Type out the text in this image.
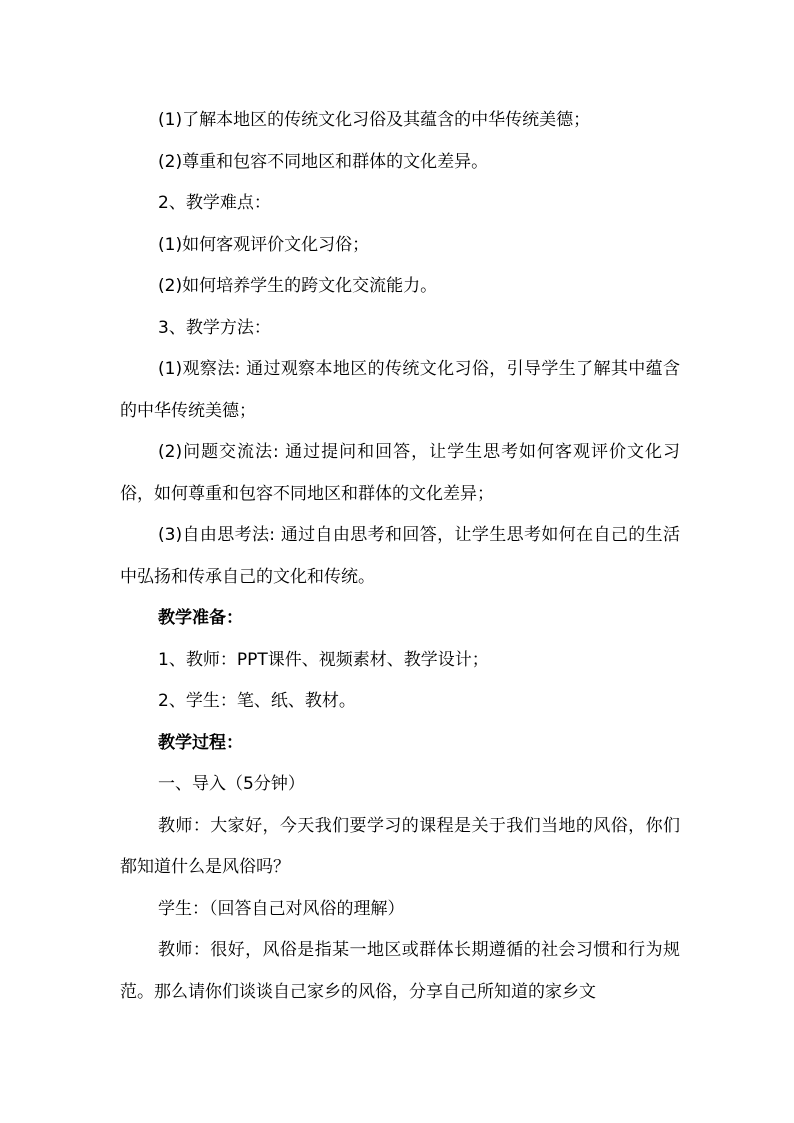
(1)了解本地区的传统文化习俗及其蕴含的中华传统美德；

(2)尊重和包容不同地区和群体的文化差异。

2、教学难点：

(1)如何客观评价文化习俗；

(2)如何培养学生的跨文化交流能力。

3、教学方法：

(1)观察法: 通过观察本地区的传统文化习俗，引导学生了解其中蕴含的中华传统美德；

(2)问题交流法: 通过提问和回答，让学生思考如何客观评价文化习俗，如何尊重和包容不同地区和群体的文化差异；

(3)自由思考法: 通过自由思考和回答，让学生思考如何在自己的生活中弘扬和传承自己的文化和传统。

教学准备：

1、教师：PPT课件、视频素材、教学设计；

2、学生：笔、纸、教材。

教学过程：

一、导入（5分钟）

教师：大家好，今天我们要学习的课程是关于我们当地的风俗，你们都知道什么是风俗吗？

学生：（回答自己对风俗的理解）

教师：很好，风俗是指某一地区或群体长期遵循的社会习惯和行为规范。那么请你们谈谈自己家乡的风俗，分享自己所知道的家乡文
